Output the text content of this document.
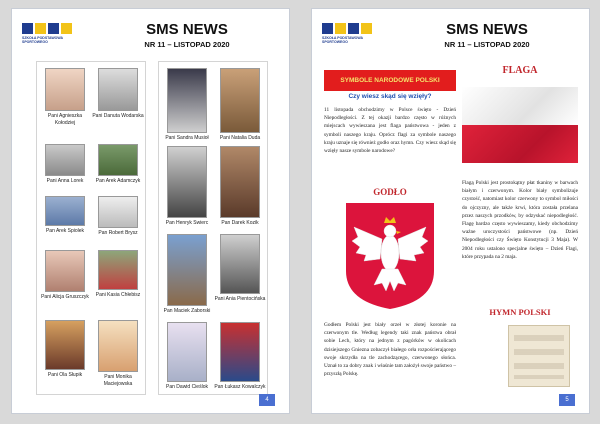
SZKOŁA PODSTAWOWA SPORTOWEGO
SMS NEWS
NR 11 – LISTOPAD 2020
Pani Agnieszka Kołodziej
Pani Danuta Wodarska
Pani Anna Lorek	Pan Arek Adamczyk
Pan Arek Spiolek	Pan Robert Brysz
Pani Alicja Gruszczyk	Pani Kasia Chłebisz
Pani Ola Słupik	Pani Monika Maciejowska
Pani Sandra Musioł	Pani Natalia Duda
Pan Henryk Swierc	Pan Darek Kozik
Pan Maciek Zaborski
Pani Ania Pientocińska
Pan Dawid Cieślok	Pan Łukasz Kowalczyk
4
SZKOŁA PODSTAWOWA SPORTOWEGO
SMS NEWS
NR 11 – LISTOPAD 2020
SYMBOLE NARODOWE POLSKI
Czy wiesz skąd się wzięły?
11 listopada obchodzimy w Polsce święto - Dzień Niepodległości. Z tej okazji bardzo często w różnych miejscach wywieszana jest flaga państwowa - jeden z symboli naszego kraju. Oprócz flagi za symbole naszego kraju uznaje się również godło oraz hymn. Czy wiesz skąd się wzięły nasze symbole narodowe?
GODŁO
Godłem Polski jest biały orzeł w złotej koronie na czerwonym tle. Według legendy taki znak państwa obrał sobie Lech, który na jednym z pagórków w okolicach dzisiejszego Gniezna zobaczył białego orła rozpościerającego swoje skrzydła na tle zachodzącego, czerwonego słońca. Uznał to za dobry znak i właśnie tam założył swoje państwo – przyszłą Polskę.
FLAGA
Flagą Polski jest prostokątny płat tkaniny w barwach białym i czerwonym. Kolor biały symbolizuje czystość, natomiast kolor czerwony to symbol miłości do ojczyzny, ale także krwi, która została przelana przez naszych przodków, by odzyskać niepodległość. Flagę bardzo często wywieszamy, kiedy obchodzimy ważne uroczystości państwowe (np. Dzień Niepodległości czy Święto Konstytucji 3 Maja). W 2004 roku ustalono specjalne święto – Dzień Flagi, które przypada na 2 maja.
HYMN POLSKI
5
